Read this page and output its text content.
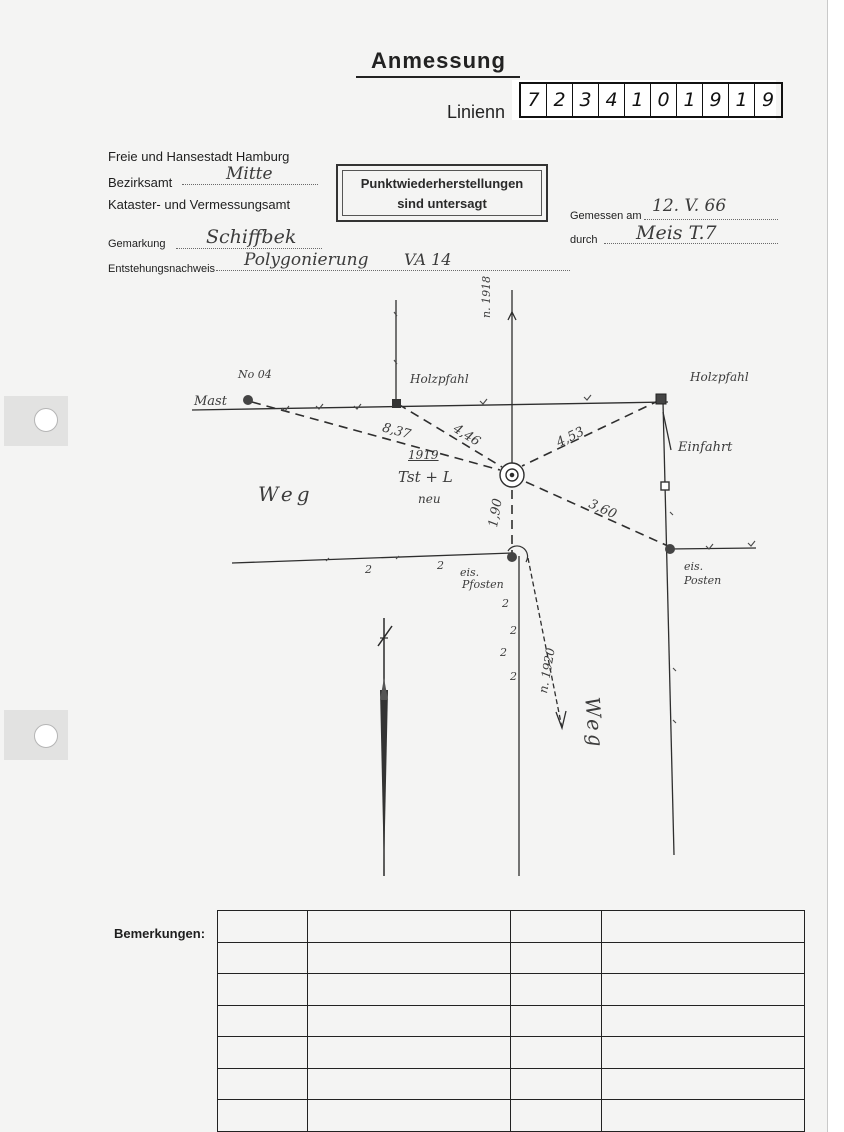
Anmessung
Linienn
7 2 3 4 1 0 1 9 1 9
Freie und Hansestadt Hamburg
Bezirksamt	Mitte
Kataster- und Vermessungsamt
Gemarkung Schiffbek
Entstehungsnachweis Polygonierung VA 14
Punktwiederherstellungen
sind untersagt
Gemessen am 12. V. 66
durch Meis T.7
No 04
Mast
Holzpfahl	Holzpfahl
Einfahrt
Weg
1919
Tst + L
neu
eis.
Pfosten
eis.
Posten
n. 1918
n. 1920
Weg
8,37	4,46	4,53
3,60
1,90
2	2
2
2
2
2
Bemerkungen:
